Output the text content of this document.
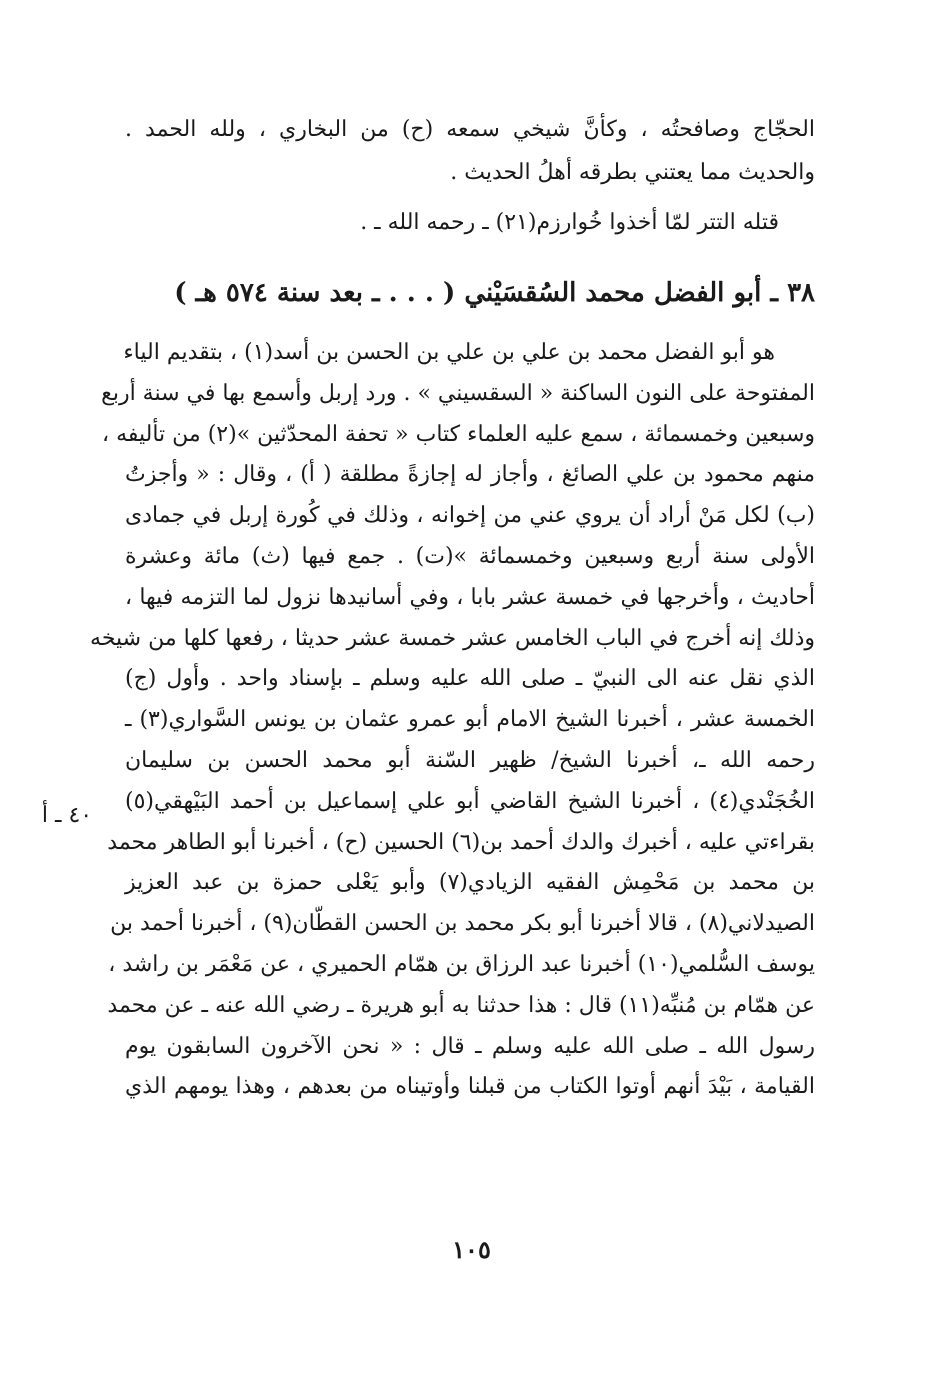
الحجّاج وصافحتُه ، وكأنَّ شيخي سمعه (ح) من البخاري ، ولله الحمد .
والحديث مما يعتني بطرقه أهلُ الحديث .
قتله التتر لمّا أخذوا خُوارزم(٢١) ـ رحمه الله ـ .
٣٨ ـ أبو الفضل محمد السُقسَيْني ( . . . ـ بعد سنة ٥٧٤ هـ )
هو أبو الفضل محمد بن علي بن علي بن الحسن بن أسد(١) ، بتقديم الياء
المفتوحة على النون الساكنة « السقسيني » . ورد إربل وأسمع بها في سنة أربع
وسبعين وخمسمائة ، سمع عليه العلماء كتاب « تحفة المحدّثين »(٢) من تأليفه ،
منهم محمود بن علي الصائغ ، وأجاز له إجازةً مطلقة ( أ) ، وقال : « وأجزتُ
(ب) لكل مَنْ أراد أن يروي عني من إخوانه ، وذلك في كُورة إربل في جمادى
الأولى سنة أربع وسبعين وخمسمائة »(ت) . جمع فيها (ث) مائة وعشرة
أحاديث ، وأخرجها في خمسة عشر بابا ، وفي أسانيدها نزول لما التزمه فيها ،
وذلك إنه أخرج في الباب الخامس عشر خمسة عشر حديثا ، رفعها كلها من شيخه
الذي نقل عنه الى النبيّ ـ صلى الله عليه وسلم ـ بإسناد واحد . وأول (ج)
الخمسة عشر ، أخبرنا الشيخ الامام أبو عمرو عثمان بن يونس السَّواري(٣) ـ
رحمه الله ـ، أخبرنا الشيخ/ ظهير السّنة أبو محمد الحسن بن سليمان
الخُجَنْدي(٤) ، أخبرنا الشيخ القاضي أبو علي إسماعيل بن أحمد البَيْهقي(٥)
بقراءتي عليه ، أخبرك والدك أحمد بن(٦) الحسين (ح) ، أخبرنا أبو الطاهر محمد
بن محمد بن مَحْمِش الفقيه الزيادي(٧) وأبو يَعْلى حمزة بن عبد العزيز
الصيدلاني(٨) ، قالا أخبرنا أبو بكر محمد بن الحسن القطّان(٩) ، أخبرنا أحمد بن
يوسف السُّلمي(١٠) أخبرنا عبد الرزاق بن همّام الحميري ، عن مَعْمَر بن راشد ،
عن همّام بن مُنبِّه(١١) قال : هذا حدثنا به أبو هريرة ـ رضي الله عنه ـ عن محمد
رسول الله ـ صلى الله عليه وسلم ـ قال : « نحن الآخرون السابقون يوم
القيامة ، بَيْدَ أنهم أوتوا الكتاب من قبلنا وأوتيناه من بعدهم ، وهذا يومهم الذي
٤٠ ـ أ
١٠٥
